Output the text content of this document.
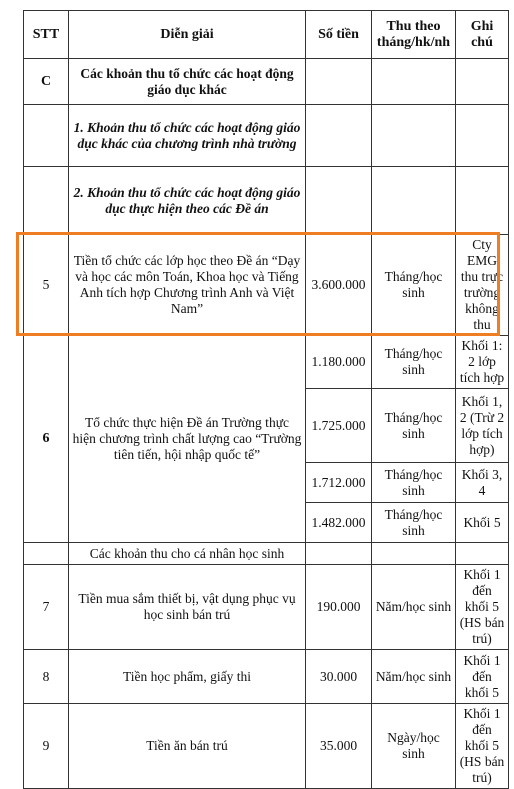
STT	Diễn giải	Số tiền	Thu theo tháng/hk/nh	Ghi chú
C	Các khoản thu tổ chức các hoạt động giáo dục khác			
	1. Khoản thu tổ chức các hoạt động giáo dục khác của chương trình nhà trường			
	2. Khoản thu tổ chức các hoạt động giáo dục thực hiện theo các Đề án			
5	Tiền tổ chức các lớp học theo Đề án “Dạy và học các môn Toán, Khoa học và Tiếng Anh tích hợp Chương trình Anh và Việt Nam”	3.600.000	Tháng/học sinh	Cty EMG thu trực trường không thu
6	Tổ chức thực hiện Đề án Trường thực hiện chương trình chất lượng cao “Trường tiên tiến, hội nhập quốc tế”	1.180.000	Tháng/học sinh	Khối 1: 2 lớp tích hợp
		1.725.000	Tháng/học sinh	Khối 1, 2 (Trừ 2 lớp tích hợp)
		1.712.000	Tháng/học sinh	Khối 3, 4
		1.482.000	Tháng/học sinh	Khối 5
	Các khoản thu cho cá nhân học sinh			
7	Tiền mua sắm thiết bị, vật dụng phục vụ học sinh bán trú	190.000	Năm/học sinh	Khối 1 đến khối 5 (HS bán trú)
8	Tiền học phẩm, giấy thi	30.000	Năm/học sinh	Khối 1 đến khối 5
9	Tiền ăn bán trú	35.000	Ngày/học sinh	Khối 1 đến khối 5 (HS bán trú)
